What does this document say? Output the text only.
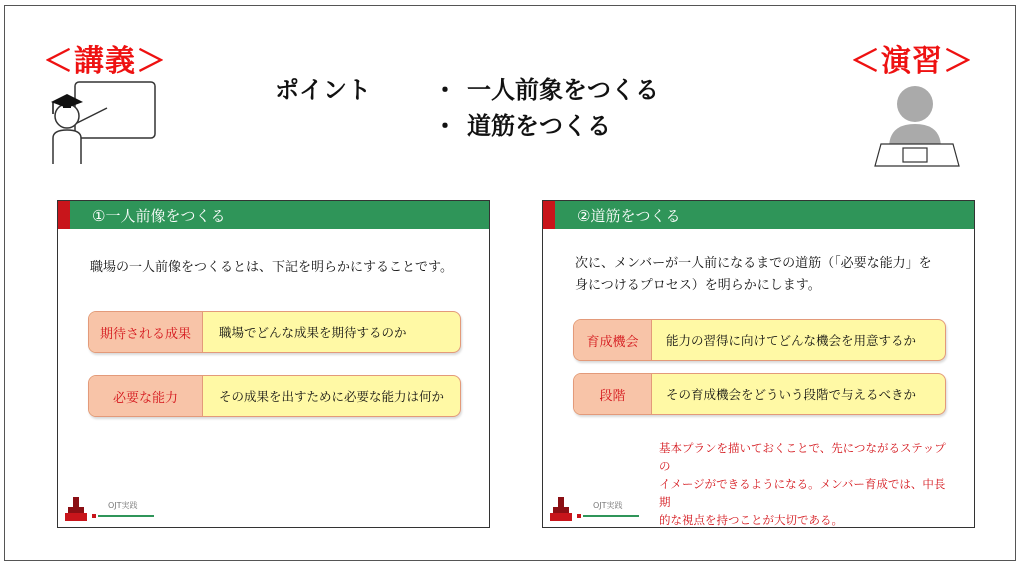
＜講義＞	＜演習＞
ポイント	・ 一人前象をつくる
・ 道筋をつくる
①一人前像をつくる
職場の一人前像をつくるとは、下記を明らかにすることです。
期待される成果	職場でどんな成果を期待するのか
必要な能力	その成果を出すために必要な能力は何か
OJT実践
②道筋をつくる
次に、メンバーが一人前になるまでの道筋（「必要な能力」を
身につけるプロセス）を明らかにします。
育成機会	能力の習得に向けてどんな機会を用意するか
段階	その育成機会をどういう段階で与えるべきか
基本プランを描いておくことで、先につながるステップの
イメージができるようになる。メンバー育成では、中長期
的な視点を持つことが大切である。
OJT実践
